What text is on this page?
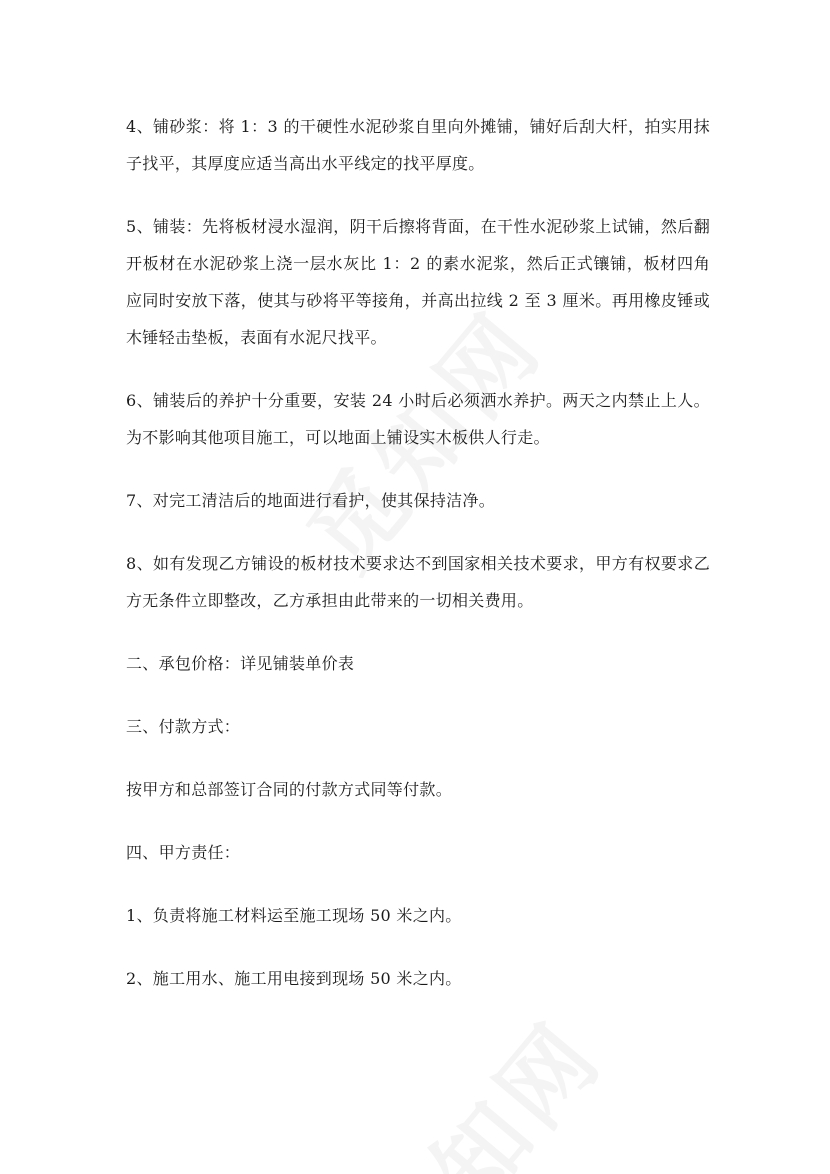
4、铺砂浆：将 1：3 的干硬性水泥砂浆自里向外摊铺，铺好后刮大杆，拍实用抹子找平，其厚度应适当高出水平线定的找平厚度。

5、铺装：先将板材浸水湿润，阴干后擦将背面，在干性水泥砂浆上试铺，然后翻开板材在水泥砂浆上浇一层水灰比 1：2 的素水泥浆，然后正式镶铺，板材四角应同时安放下落，使其与砂将平等接角，并高出拉线 2 至 3 厘米。再用橡皮锤或木锤轻击垫板，表面有水泥尺找平。

6、铺装后的养护十分重要，安装 24 小时后必须洒水养护。两天之内禁止上人。为不影响其他项目施工，可以地面上铺设实木板供人行走。

7、对完工清洁后的地面进行看护，使其保持洁净。

8、如有发现乙方铺设的板材技术要求达不到国家相关技术要求，甲方有权要求乙方无条件立即整改，乙方承担由此带来的一切相关费用。

二、承包价格：详见铺装单价表

三、付款方式：

按甲方和总部签订合同的付款方式同等付款。

四、甲方责任：

1、负责将施工材料运至施工现场 50 米之内。

2、施工用水、施工用电接到现场 50 米之内。
